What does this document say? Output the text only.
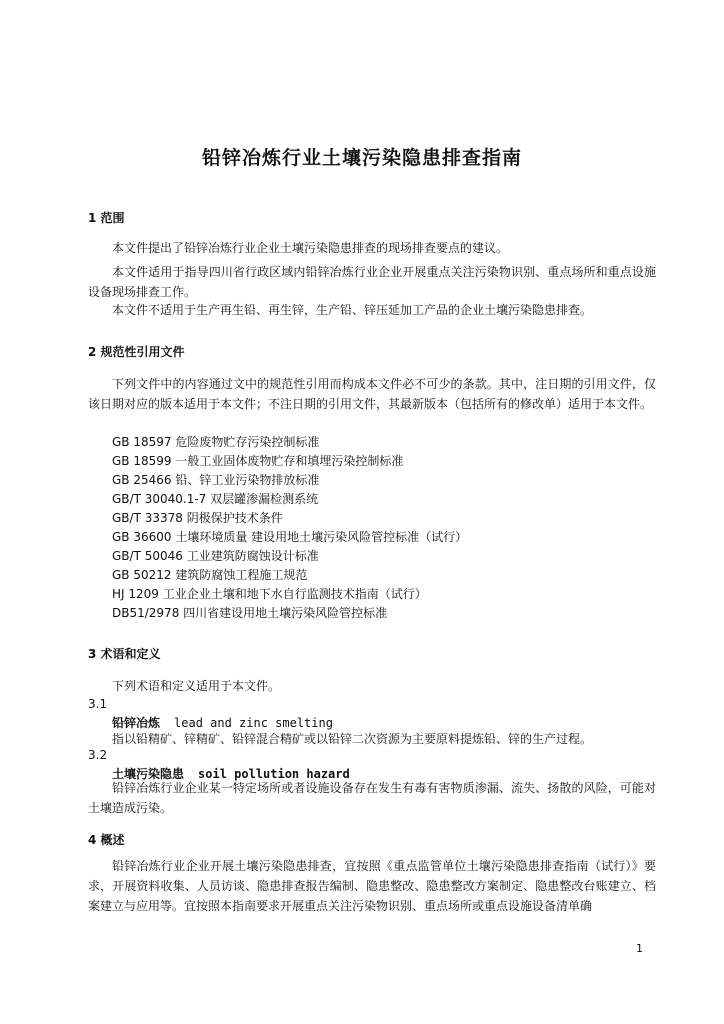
铅锌冶炼行业土壤污染隐患排查指南
1 范围
本文件提出了铅锌冶炼行业企业土壤污染隐患排查的现场排查要点的建议。
本文件适用于指导四川省行政区域内铅锌冶炼行业企业开展重点关注污染物识别、重点场所和重点设施设备现场排查工作。
本文件不适用于生产再生铅、再生锌，生产铅、锌压延加工产品的企业土壤污染隐患排查。
2 规范性引用文件
下列文件中的内容通过文中的规范性引用而构成本文件必不可少的条款。其中，注日期的引用文件，仅该日期对应的版本适用于本文件；不注日期的引用文件，其最新版本（包括所有的修改单）适用于本文件。
GB 18597 危险废物贮存污染控制标准
GB 18599 一般工业固体废物贮存和填埋污染控制标准
GB 25466 铅、锌工业污染物排放标准
GB/T 30040.1-7 双层罐渗漏检测系统
GB/T 33378 阴极保护技术条件
GB 36600 土壤环境质量 建设用地土壤污染风险管控标准（试行）
GB/T 50046 工业建筑防腐蚀设计标准
GB 50212 建筑防腐蚀工程施工规范
HJ 1209 工业企业土壤和地下水自行监测技术指南（试行）
DB51/2978 四川省建设用地土壤污染风险管控标准
3 术语和定义
下列术语和定义适用于本文件。
3.1
铅锌冶炼 lead and zinc smelting
指以铅精矿、锌精矿、铅锌混合精矿或以铅锌二次资源为主要原料提炼铅、锌的生产过程。
3.2
土壤污染隐患 soil pollution hazard
铅锌冶炼行业企业某一特定场所或者设施设备存在发生有毒有害物质渗漏、流失、扬散的风险，可能对土壤造成污染。
4 概述
铅锌冶炼行业企业开展土壤污染隐患排查，宜按照《重点监管单位土壤污染隐患排查指南（试行）》要求，开展资料收集、人员访谈、隐患排查报告编制、隐患整改、隐患整改方案制定、隐患整改台账建立、档案建立与应用等。宜按照本指南要求开展重点关注污染物识别、重点场所或重点设施设备清单确
1
